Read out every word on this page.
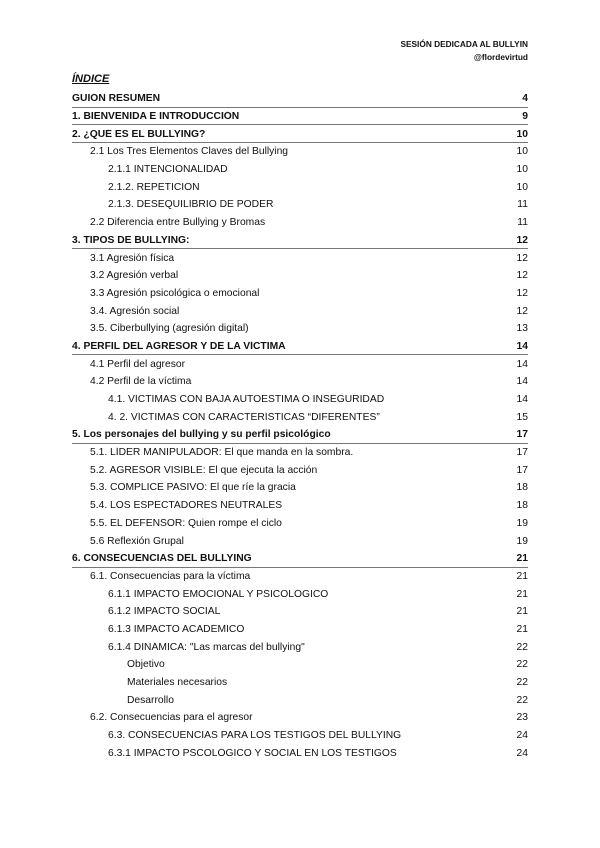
SESIÓN DEDICADA AL BULLYIN
@flordevirtud
ÍNDICE
GUIÓN RESUMEN	4
1. BIENVENIDA E INTRODUCCIÓN	9
2. ¿QUÉ ES EL BULLYING?	10
2.1 Los Tres Elementos Claves del Bullying	10
2.1.1 INTENCIONALIDAD	10
2.1.2. REPETICIÓN	10
2.1.3. DESEQUILIBRIO DE PODER	11
2.2 Diferencia entre Bullying y Bromas	11
3. TIPOS DE BULLYING:	12
3.1 Agresión física	12
3.2 Agresión verbal	12
3.3 Agresión psicológica o emocional	12
3.4. Agresión social	12
3.5. Ciberbullying (agresión digital)	13
4. PERFIL DEL AGRESOR Y DE LA VÍCTIMA	14
4.1 Perfil del agresor	14
4.2 Perfil de la víctima	14
4.1. VÍCTIMAS CON BAJA AUTOESTIMA O INSEGURIDAD	14
4. 2. VÍCTIMAS CON CARACTERÍSTICAS “DIFERENTES”	15
5. Los personajes del bullying y su perfil psicológico	17
5.1. LÍDER MANIPULADOR: El que manda en la sombra.	17
5.2. AGRESOR VISIBLE: El que ejecuta la acción	17
5.3. COMPLICE PASIVO: El que ríe la gracia	18
5.4. LOS ESPECTADORES NEUTRALES	18
5.5. EL DEFENSOR: Quien rompe el ciclo	19
5.6 Reflexión Grupal	19
6. CONSECUENCIAS DEL BULLYING	21
6.1. Consecuencias para la víctima	21
6.1.1 IMPACTO EMOCIONAL Y PSICOLÓGICO	21
6.1.2 IMPACTO SOCIAL	21
6.1.3 IMPACTO ACADÉMICO	21
6.1.4 DINÁMICA: "Las marcas del bullying"	22
Objetivo	22
Materiales necesarios	22
Desarrollo	22
6.2. Consecuencias para el agresor	23
6.3. CONSECUENCIAS PARA LOS TESTIGOS DEL BULLYING	24
6.3.1 IMPACTO PSCOLÓGICO Y SOCIAL EN LOS TESTIGOS	24
